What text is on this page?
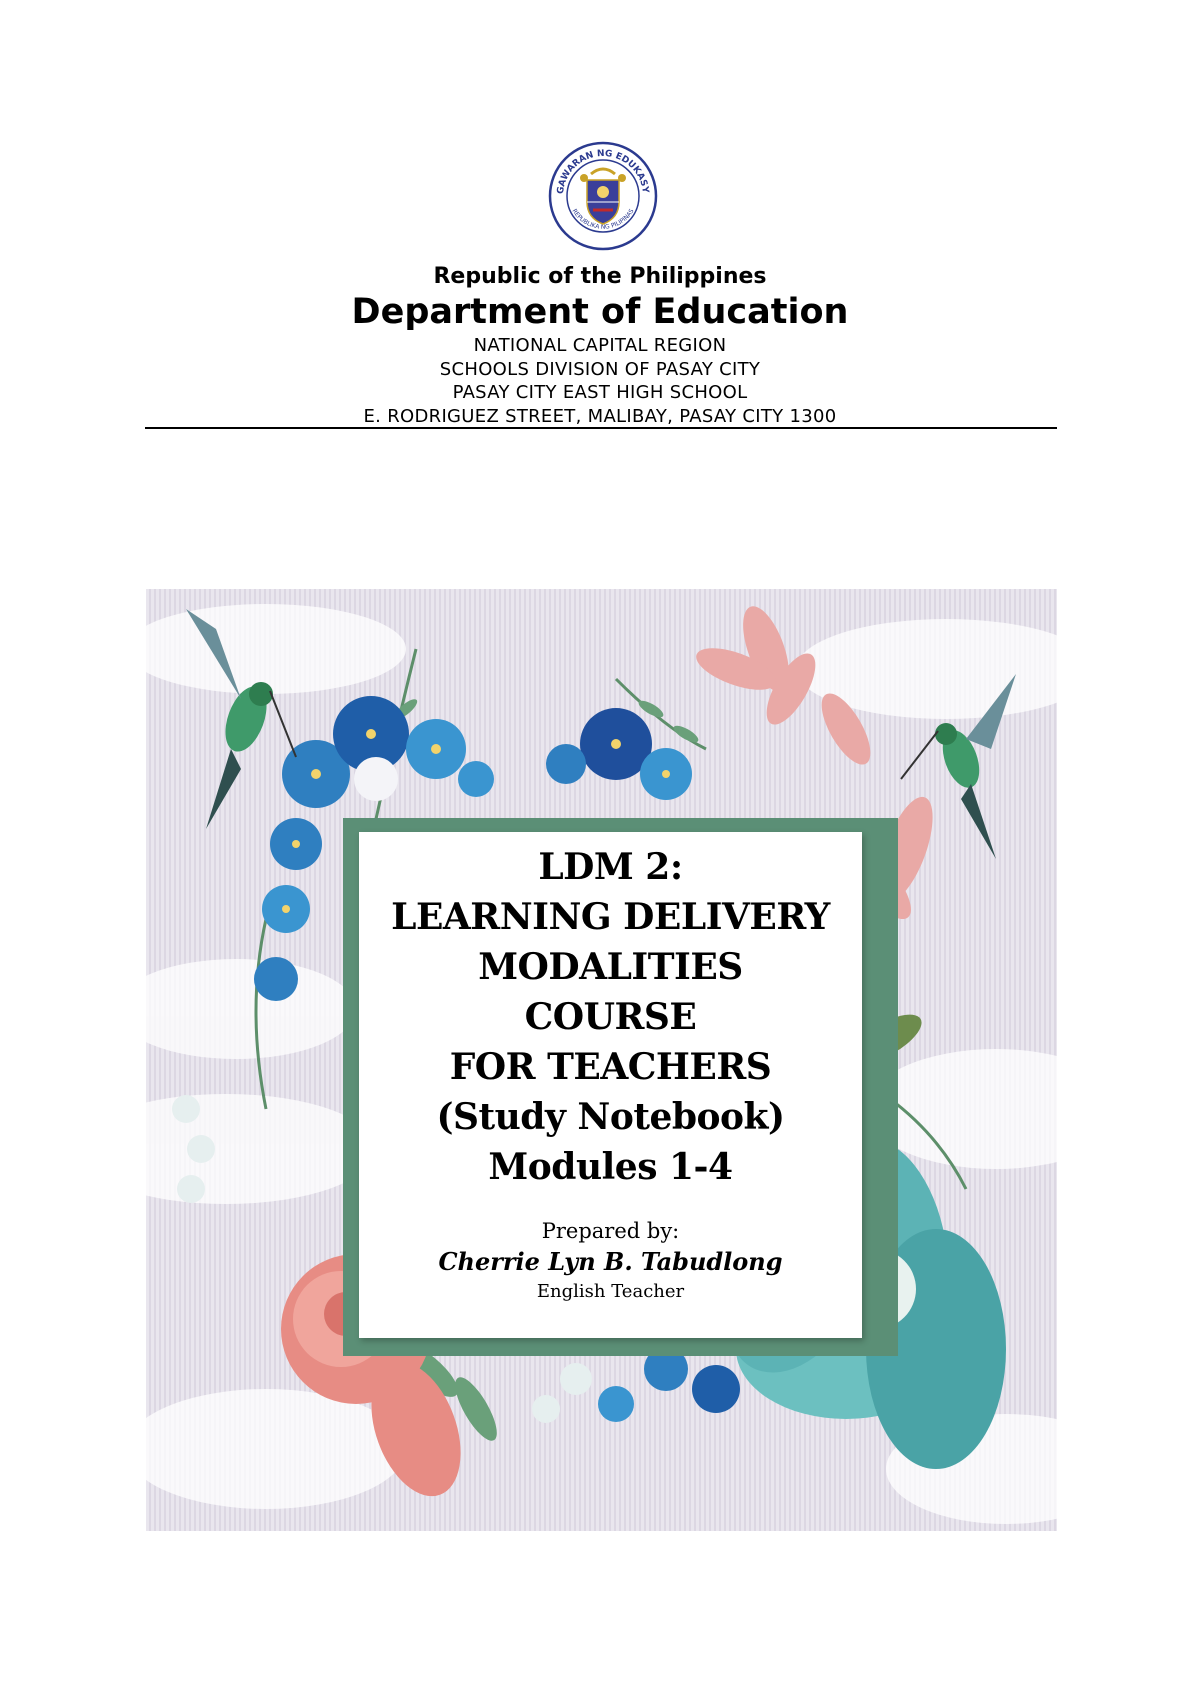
GAWARAN NG EDUKASY
REPUBLIKA NG PILIPINAS
Republic of the Philippines
Department of Education
NATIONAL CAPITAL REGION
SCHOOLS DIVISION OF PASAY CITY
PASAY CITY EAST HIGH SCHOOL
E. RODRIGUEZ STREET, MALIBAY, PASAY CITY 1300
LDM 2:
LEARNING DELIVERY
MODALITIES
COURSE
FOR TEACHERS
(Study Notebook)
Modules 1-4
Prepared by:
Cherrie Lyn B. Tabudlong
English Teacher
